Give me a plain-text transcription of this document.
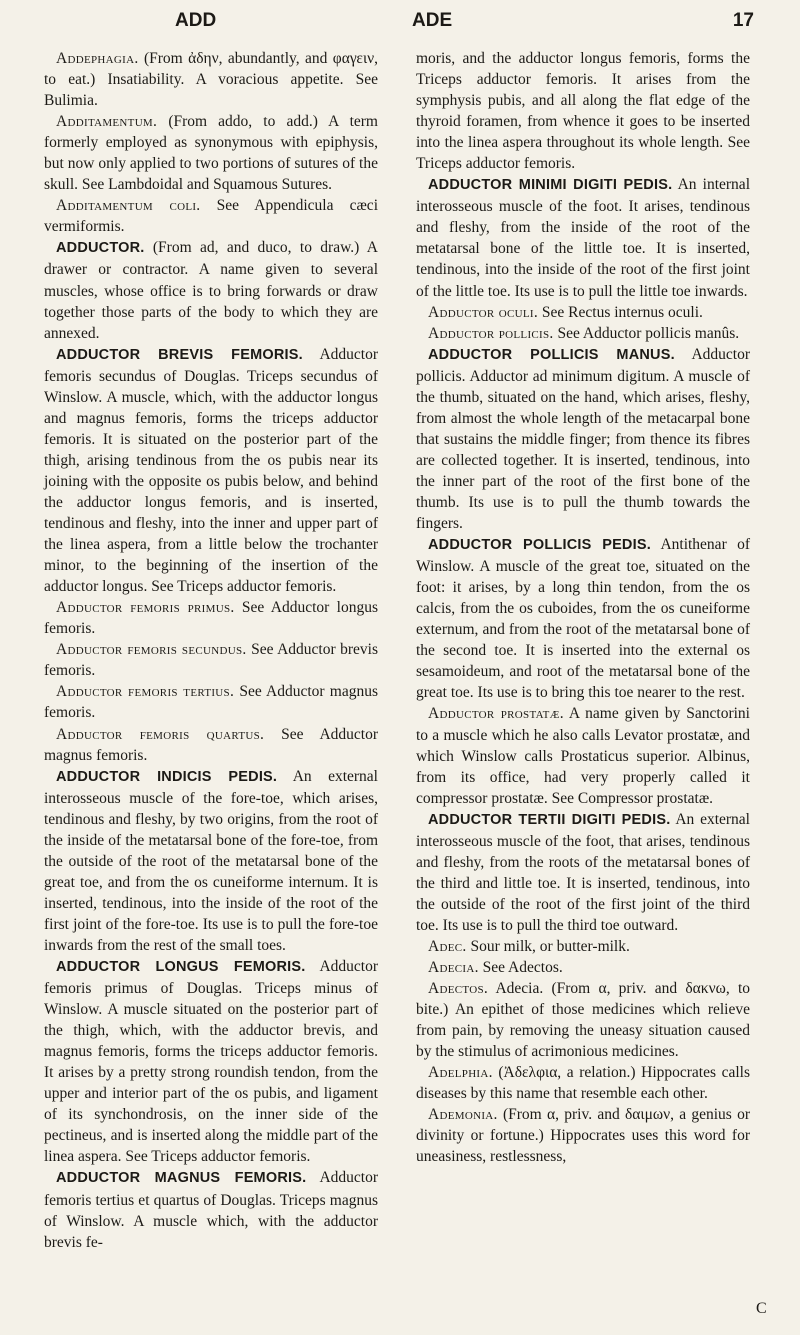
ADD	ADE	17

Addephagia. (From ἀδην, abundantly, and φαγειν, to eat.) Insatiability. A voracious appetite. See Bulimia.

Additamentum. (From addo, to add.) A term formerly employed as synonymous with epiphysis, but now only applied to two portions of sutures of the skull. See Lambdoidal and Squamous Sutures.

Additamentum coli. See Appendicula cæci vermiformis.

ADDUCTOR. (From ad, and duco, to draw.) A drawer or contractor. A name given to several muscles, whose office is to bring forwards or draw together those parts of the body to which they are annexed.

ADDUCTOR BREVIS FEMORIS. Adductor femoris secundus of Douglas. Triceps secundus of Winslow. A muscle, which, with the adductor longus and magnus femoris, forms the triceps adductor femoris. It is situated on the posterior part of the thigh, arising tendinous from the os pubis near its joining with the opposite os pubis below, and behind the adductor longus femoris, and is inserted, tendinous and fleshy, into the inner and upper part of the linea aspera, from a little below the trochanter minor, to the beginning of the insertion of the adductor longus. See Triceps adductor femoris.

Adductor femoris primus. See Adductor longus femoris.

Adductor femoris secundus. See Adductor brevis femoris.

Adductor femoris tertius. See Adductor magnus femoris.

Adductor femoris quartus. See Adductor magnus femoris.

ADDUCTOR INDICIS PEDIS. An external interosseous muscle of the fore-toe, which arises, tendinous and fleshy, by two origins, from the root of the inside of the metatarsal bone of the fore-toe, from the outside of the root of the metatarsal bone of the great toe, and from the os cuneiforme internum. It is inserted, tendinous, into the inside of the root of the first joint of the fore-toe. Its use is to pull the fore-toe inwards from the rest of the small toes.

ADDUCTOR LONGUS FEMORIS. Adductor femoris primus of Douglas. Triceps minus of Winslow. A muscle situated on the posterior part of the thigh, which, with the adductor brevis, and magnus femoris, forms the triceps adductor femoris. It arises by a pretty strong roundish tendon, from the upper and interior part of the os pubis, and ligament of its synchondrosis, on the inner side of the pectineus, and is inserted along the middle part of the linea aspera. See Triceps adductor femoris.

ADDUCTOR MAGNUS FEMORIS. Adductor femoris tertius et quartus of Douglas. Triceps magnus of Winslow. A muscle which, with the adductor brevis fe-

moris, and the adductor longus femoris, forms the Triceps adductor femoris. It arises from the symphysis pubis, and all along the flat edge of the thyroid foramen, from whence it goes to be inserted into the linea aspera throughout its whole length. See Triceps adductor femoris.

ADDUCTOR MINIMI DIGITI PEDIS. An internal interosseous muscle of the foot. It arises, tendinous and fleshy, from the inside of the root of the metatarsal bone of the little toe. It is inserted, tendinous, into the inside of the root of the first joint of the little toe. Its use is to pull the little toe inwards.

Adductor oculi. See Rectus internus oculi.

Adductor pollicis. See Adductor pollicis manûs.

ADDUCTOR POLLICIS MANUS. Adductor pollicis. Adductor ad minimum digitum. A muscle of the thumb, situated on the hand, which arises, fleshy, from almost the whole length of the metacarpal bone that sustains the middle finger; from thence its fibres are collected together. It is inserted, tendinous, into the inner part of the root of the first bone of the thumb. Its use is to pull the thumb towards the fingers.

ADDUCTOR POLLICIS PEDIS. Antithenar of Winslow. A muscle of the great toe, situated on the foot: it arises, by a long thin tendon, from the os calcis, from the os cuboides, from the os cuneiforme externum, and from the root of the metatarsal bone of the second toe. It is inserted into the external os sesamoideum, and root of the metatarsal bone of the great toe. Its use is to bring this toe nearer to the rest.

Adductor prostatæ. A name given by Sanctorini to a muscle which he also calls Levator prostatæ, and which Winslow calls Prostaticus superior. Albinus, from its office, had very properly called it compressor prostatæ. See Compressor prostatæ.

ADDUCTOR TERTII DIGITI PEDIS. An external interosseous muscle of the foot, that arises, tendinous and fleshy, from the roots of the metatarsal bones of the third and little toe. It is inserted, tendinous, into the outside of the root of the first joint of the third toe. Its use is to pull the third toe outward.

Adec. Sour milk, or butter-milk.

Adecia. See Adectos.

Adectos. Adecia. (From α, priv. and δακνω, to bite.) An epithet of those medicines which relieve from pain, by removing the uneasy situation caused by the stimulus of acrimonious medicines.

Adelphia. (Ἀδελφια, a relation.) Hippocrates calls diseases by this name that resemble each other.

Ademonia. (From α, priv. and δαιμων, a genius or divinity or fortune.) Hippocrates uses this word for uneasiness, restlessness,

C
